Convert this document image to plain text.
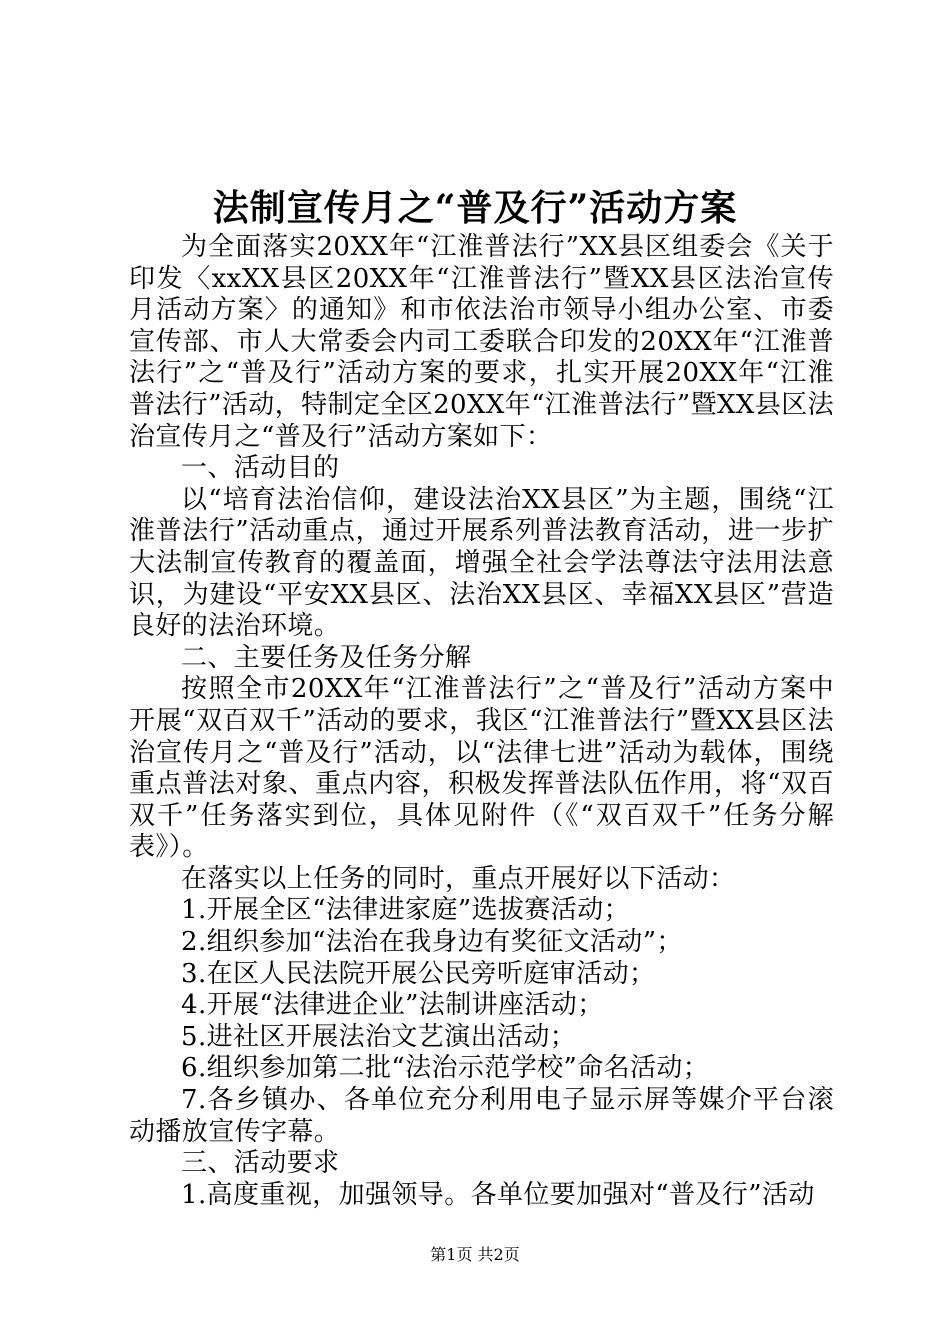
法制宣传月之“普及行”活动方案

为全面落实20XX年“江淮普法行”XX县区组委会《关于印发〈xxXX县区20XX年“江淮普法行”暨XX县区法治宣传月活动方案〉的通知》和市依法治市领导小组办公室、市委宣传部、市人大常委会内司工委联合印发的20XX年“江淮普法行”之“普及行”活动方案的要求，扎实开展20XX年“江淮普法行”活动，特制定全区20XX年“江淮普法行”暨XX县区法治宣传月之“普及行”活动方案如下：

一、活动目的

以“培育法治信仰，建设法治XX县区”为主题，围绕“江淮普法行”活动重点，通过开展系列普法教育活动，进一步扩大法制宣传教育的覆盖面，增强全社会学法尊法守法用法意识，为建设“平安XX县区、法治XX县区、幸福XX县区”营造良好的法治环境。

二、主要任务及任务分解

按照全市20XX年“江淮普法行”之“普及行”活动方案中开展“双百双千”活动的要求，我区“江淮普法行”暨XX县区法治宣传月之“普及行”活动，以“法律七进”活动为载体，围绕重点普法对象、重点内容，积极发挥普法队伍作用，将“双百双千”任务落实到位，具体见附件（《“双百双千”任务分解表》）。

在落实以上任务的同时，重点开展好以下活动：

1.开展全区“法律进家庭”选拔赛活动；

2.组织参加“法治在我身边有奖征文活动”；

3.在区人民法院开展公民旁听庭审活动；

4.开展“法律进企业”法制讲座活动；

5.进社区开展法治文艺演出活动；

6.组织参加第二批“法治示范学校”命名活动；

7.各乡镇办、各单位充分利用电子显示屏等媒介平台滚动播放宣传字幕。

三、活动要求

1.高度重视，加强领导。各单位要加强对“普及行”活动

第1页 共2页
